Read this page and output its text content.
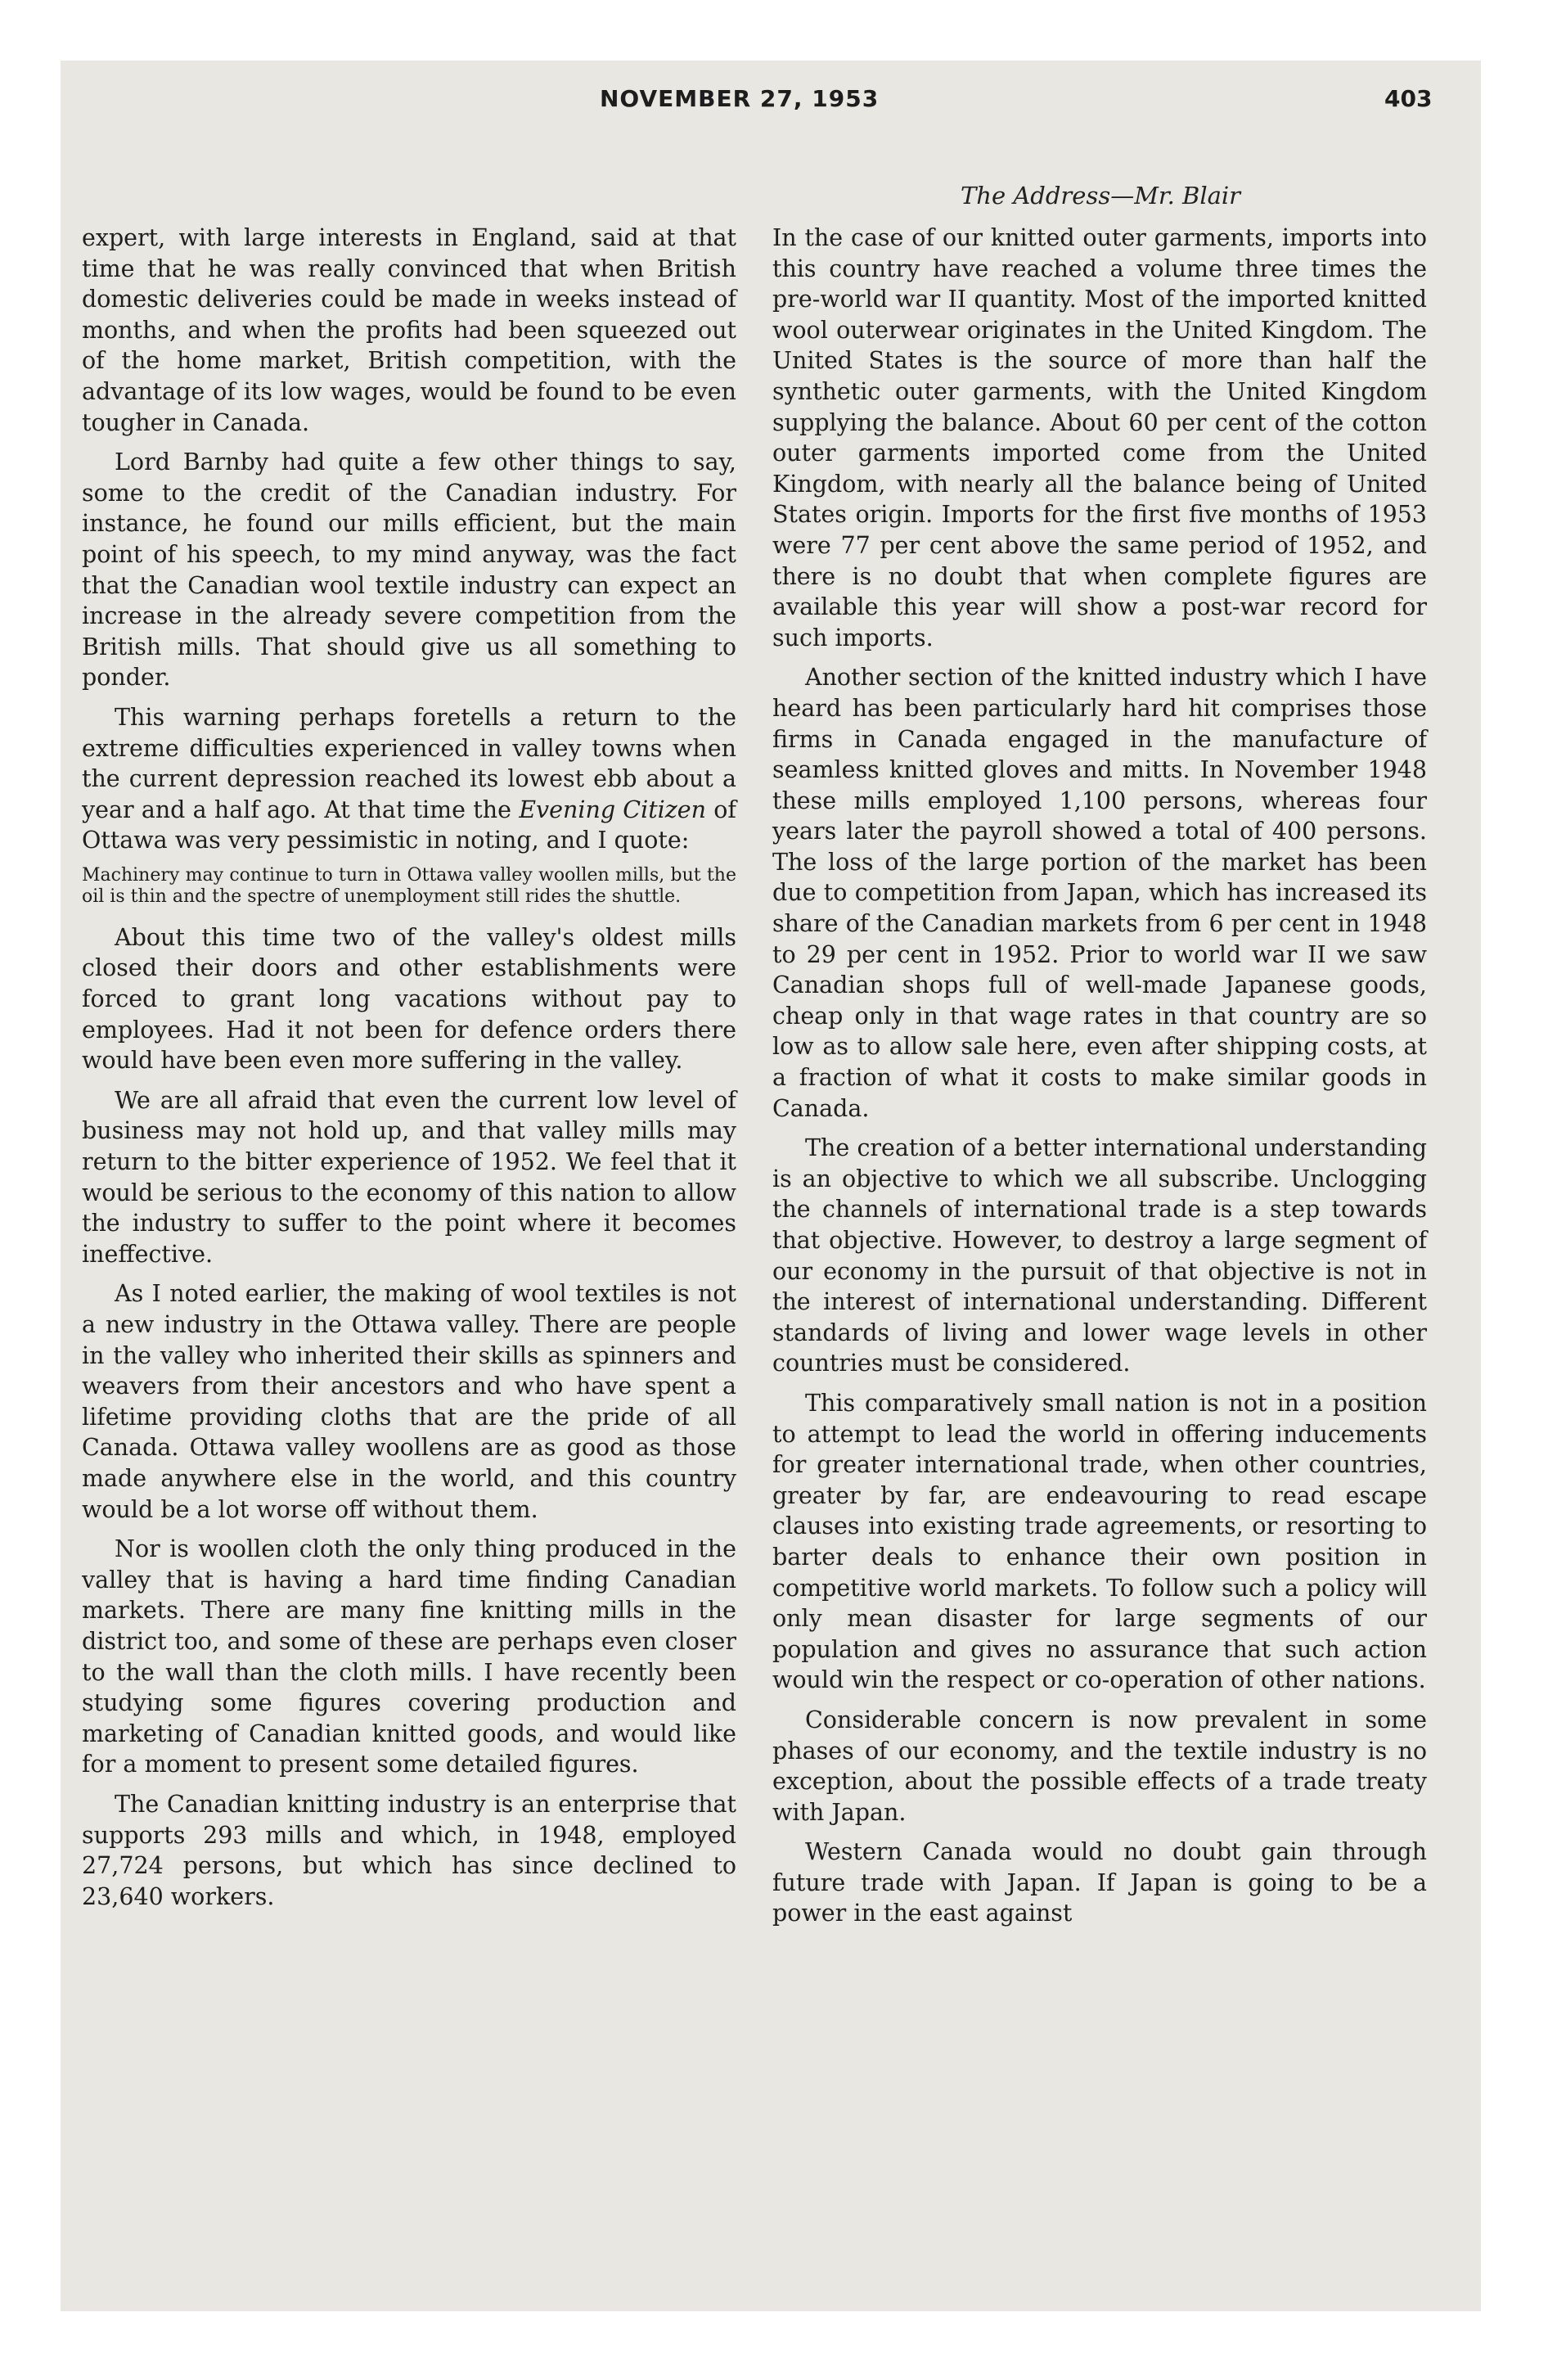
NOVEMBER 27, 1953	403
The Address—Mr. Blair

expert, with large interests in England, said at that time that he was really convinced that when British domestic deliveries could be made in weeks instead of months, and when the profits had been squeezed out of the home market, British competition, with the advantage of its low wages, would be found to be even tougher in Canada.

Lord Barnby had quite a few other things to say, some to the credit of the Canadian industry. For instance, he found our mills efficient, but the main point of his speech, to my mind anyway, was the fact that the Canadian wool textile industry can expect an increase in the already severe competition from the British mills. That should give us all something to ponder.

This warning perhaps foretells a return to the extreme difficulties experienced in valley towns when the current depression reached its lowest ebb about a year and a half ago. At that time the Evening Citizen of Ottawa was very pessimistic in noting, and I quote:

Machinery may continue to turn in Ottawa valley woollen mills, but the oil is thin and the spectre of unemployment still rides the shuttle.

About this time two of the valley's oldest mills closed their doors and other establishments were forced to grant long vacations without pay to employees. Had it not been for defence orders there would have been even more suffering in the valley.

We are all afraid that even the current low level of business may not hold up, and that valley mills may return to the bitter experience of 1952. We feel that it would be serious to the economy of this nation to allow the industry to suffer to the point where it becomes ineffective.

As I noted earlier, the making of wool textiles is not a new industry in the Ottawa valley. There are people in the valley who inherited their skills as spinners and weavers from their ancestors and who have spent a lifetime providing cloths that are the pride of all Canada. Ottawa valley woollens are as good as those made anywhere else in the world, and this country would be a lot worse off without them.

Nor is woollen cloth the only thing produced in the valley that is having a hard time finding Canadian markets. There are many fine knitting mills in the district too, and some of these are perhaps even closer to the wall than the cloth mills. I have recently been studying some figures covering production and marketing of Canadian knitted goods, and would like for a moment to present some detailed figures.

The Canadian knitting industry is an enterprise that supports 293 mills and which, in 1948, employed 27,724 persons, but which has since declined to 23,640 workers.

In the case of our knitted outer garments, imports into this country have reached a volume three times the pre-world war II quantity. Most of the imported knitted wool outerwear originates in the United Kingdom. The United States is the source of more than half the synthetic outer garments, with the United Kingdom supplying the balance. About 60 per cent of the cotton outer garments imported come from the United Kingdom, with nearly all the balance being of United States origin. Imports for the first five months of 1953 were 77 per cent above the same period of 1952, and there is no doubt that when complete figures are available this year will show a post-war record for such imports.

Another section of the knitted industry which I have heard has been particularly hard hit comprises those firms in Canada engaged in the manufacture of seamless knitted gloves and mitts. In November 1948 these mills employed 1,100 persons, whereas four years later the payroll showed a total of 400 persons. The loss of the large portion of the market has been due to competition from Japan, which has increased its share of the Canadian markets from 6 per cent in 1948 to 29 per cent in 1952. Prior to world war II we saw Canadian shops full of well-made Japanese goods, cheap only in that wage rates in that country are so low as to allow sale here, even after shipping costs, at a fraction of what it costs to make similar goods in Canada.

The creation of a better international understanding is an objective to which we all subscribe. Unclogging the channels of international trade is a step towards that objective. However, to destroy a large segment of our economy in the pursuit of that objective is not in the interest of international understanding. Different standards of living and lower wage levels in other countries must be considered.

This comparatively small nation is not in a position to attempt to lead the world in offering inducements for greater international trade, when other countries, greater by far, are endeavouring to read escape clauses into existing trade agreements, or resorting to barter deals to enhance their own position in competitive world markets. To follow such a policy will only mean disaster for large segments of our population and gives no assurance that such action would win the respect or co-operation of other nations.

Considerable concern is now prevalent in some phases of our economy, and the textile industry is no exception, about the possible effects of a trade treaty with Japan.

Western Canada would no doubt gain through future trade with Japan. If Japan is going to be a power in the east against
